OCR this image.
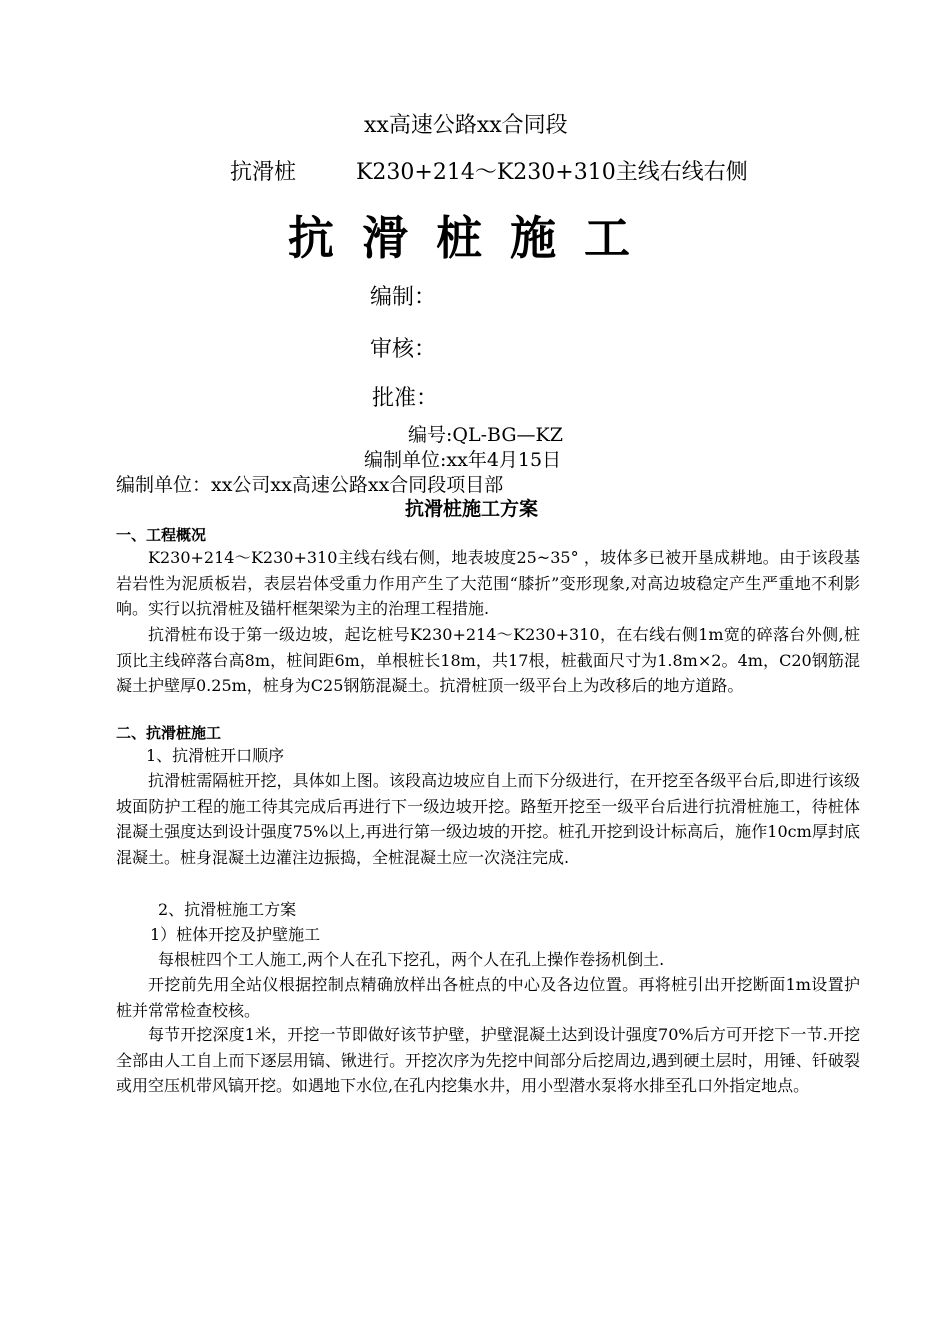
xx高速公路xx合同段
抗滑桩	K230+214～K230+310主线右线右侧
抗滑桩施工
编制：
审核：
批准：
编号:QL-BG—KZ
编制单位:xx年4月15日
编制单位：xx公司xx高速公路xx合同段项目部
抗滑桩施工方案
一、工程概况
K230+214～K230+310主线右线右侧，地表坡度25~35° ，坡体多已被开垦成耕地。由于该段基岩岩性为泥质板岩，表层岩体受重力作用产生了大范围“膝折”变形现象,对高边坡稳定产生严重地不利影响。实行以抗滑桩及锚杆框架梁为主的治理工程措施.
抗滑桩布设于第一级边坡，起讫桩号K230+214～K230+310，在右线右侧1m宽的碎落台外侧,桩顶比主线碎落台高8m，桩间距6m，单根桩长18m，共17根，桩截面尺寸为1.8m×2。4m，C20钢筋混凝土护壁厚0.25m，桩身为C25钢筋混凝土。抗滑桩顶一级平台上为改移后的地方道路。
二、抗滑桩施工
1、抗滑桩开口顺序
抗滑桩需隔桩开挖，具体如上图。该段高边坡应自上而下分级进行，在开挖至各级平台后,即进行该级坡面防护工程的施工待其完成后再进行下一级边坡开挖。路堑开挖至一级平台后进行抗滑桩施工，待桩体混凝土强度达到设计强度75%以上,再进行第一级边坡的开挖。桩孔开挖到设计标高后，施作10cm厚封底混凝土。桩身混凝土边灌注边振捣，全桩混凝土应一次浇注完成.
2、抗滑桩施工方案
1）桩体开挖及护壁施工
每根桩四个工人施工,两个人在孔下挖孔，两个人在孔上操作卷扬机倒土.
开挖前先用全站仪根据控制点精确放样出各桩点的中心及各边位置。再将桩引出开挖断面1m设置护桩并常常检查校核。
每节开挖深度1米，开挖一节即做好该节护壁，护壁混凝土达到设计强度70%后方可开挖下一节.开挖全部由人工自上而下逐层用镐、锹进行。开挖次序为先挖中间部分后挖周边,遇到硬土层时，用锤、钎破裂或用空压机带风镐开挖。如遇地下水位,在孔内挖集水井，用小型潜水泵将水排至孔口外指定地点。
